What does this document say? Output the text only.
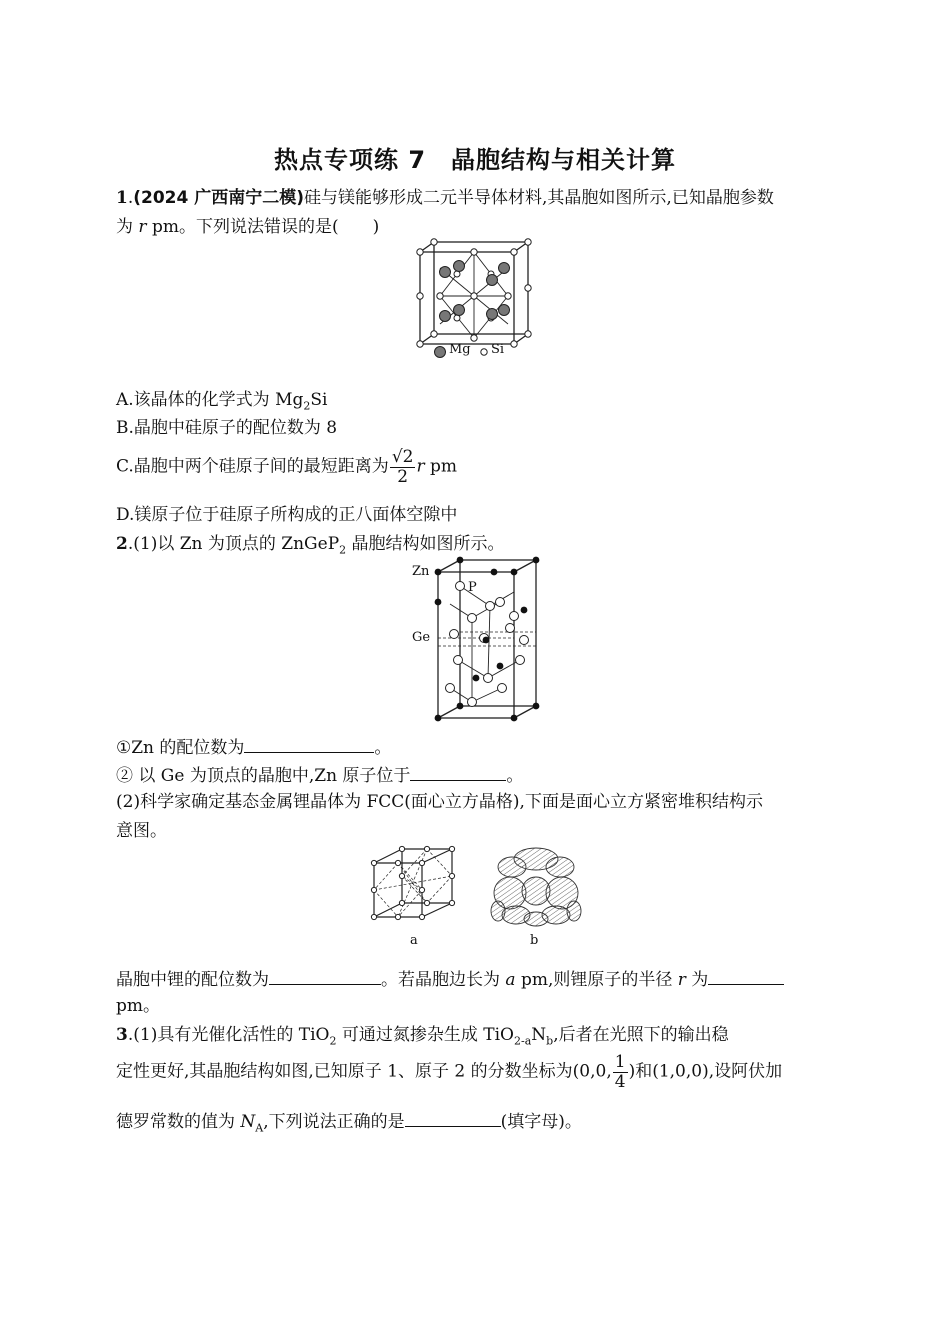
热点专项练 7　晶胞结构与相关计算
1.(2024 广西南宁二模)硅与镁能够形成二元半导体材料,其晶胞如图所示,已知晶胞参数
为 r pm。下列说法错误的是(　　)
Mg Si
A.该晶体的化学式为 $Mg_2Si$
B.晶胞中硅原子的配位数为 8
C.晶胞中两个硅原子间的最短距离为 $\frac{√2}{2}$ r pm
D.镁原子位于硅原子所构成的正八面体空隙中
2.(1)以 Zn 为顶点的 ZnGeP$_2$ 晶胞结构如图所示。
Zn
P
Ge
①Zn 的配位数为	。
② 以 Ge 为顶点的晶胞中,Zn 原子位于	。
(2)科学家确定基态金属锂晶体为 FCC(面心立方晶格),下面是面心立方紧密堆积结构示
意图。
a	b
晶胞中锂的配位数为	。若晶胞边长为 a pm,则锂原子的半径 r 为
pm。
3.(1)具有光催化活性的 TiO$_2$ 可通过氮掺杂生成 $TiO_{2-a}N_b$,后者在光照下的输出稳
定性更好,其晶胞结构如图,已知原子 1、原子 2 的分数坐标为(0,0, $\frac{1}{4}$ )和(1,0,0),设阿伏加
德罗常数的值为 $N_A$,下列说法正确的是	(填字母)。
